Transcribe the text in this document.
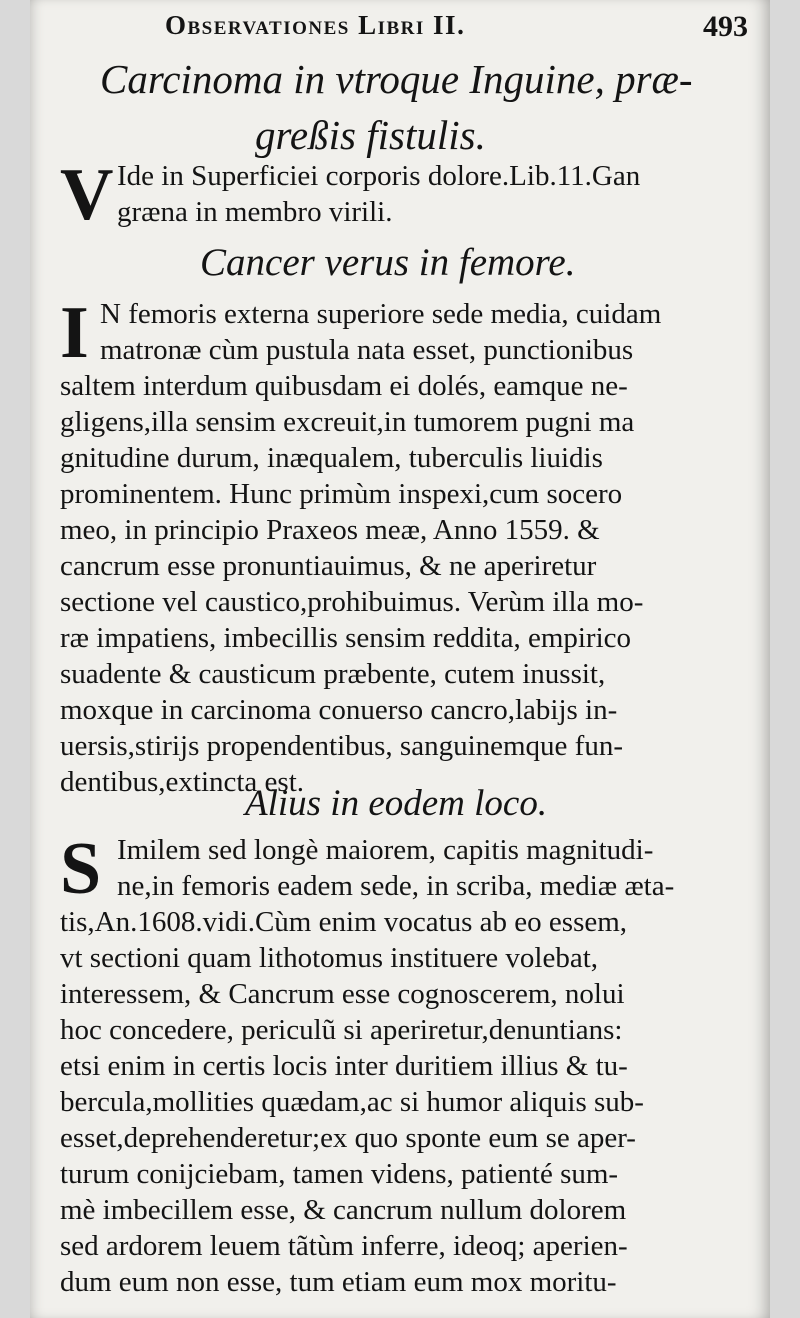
Observationes Libri II.	493
Carcinoma in vtroque Inguine, præ-
greßis fistulis.
V Ide in Superficiei corporis dolore.Lib.11.Gan
græna in membro virili.
Cancer verus in femore.
I N femoris externa superiore sede media, cuidam
matronæ cùm pustula nata esset, punctionibus
saltem interdum quibusdam ei dolés, eamque ne-
gligens,illa sensim excreuit,in tumorem pugni ma
gnitudine durum, inæqualem, tuberculis liuidis
prominentem. Hunc primùm inspexi,cum socero
meo, in principio Praxeos meæ, Anno 1559. &
cancrum esse pronuntiauimus, & ne aperiretur
sectione vel caustico,prohibuimus. Verùm illa mo-
ræ impatiens, imbecillis sensim reddita, empirico
suadente & causticum præbente, cutem inussit,
moxque in carcinoma conuerso cancro,labijs in-
uersis,stirijs propendentibus, sanguinemque fun-
dentibus,extincta est.
Alius in eodem loco.
S Imilem sed longè maiorem, capitis magnitudi-
ne,in femoris eadem sede, in scriba, mediæ æta-
tis,An.1608.vidi.Cùm enim vocatus ab eo essem,
vt sectioni quam lithotomus instituere volebat,
interessem, & Cancrum esse cognoscerem, nolui
hoc concedere, periculũ si aperiretur,denuntians:
etsi enim in certis locis inter duritiem illius & tu-
bercula,mollities quædam,ac si humor aliquis sub-
esset,deprehenderetur;ex quo sponte eum se aper-
turum conijciebam, tamen videns, patienté sum-
mè imbecillem esse, & cancrum nullum dolorem
sed ardorem leuem tãtùm inferre, ideoq; aperien-
dum eum non esse, tum etiam eum mox moritu-
